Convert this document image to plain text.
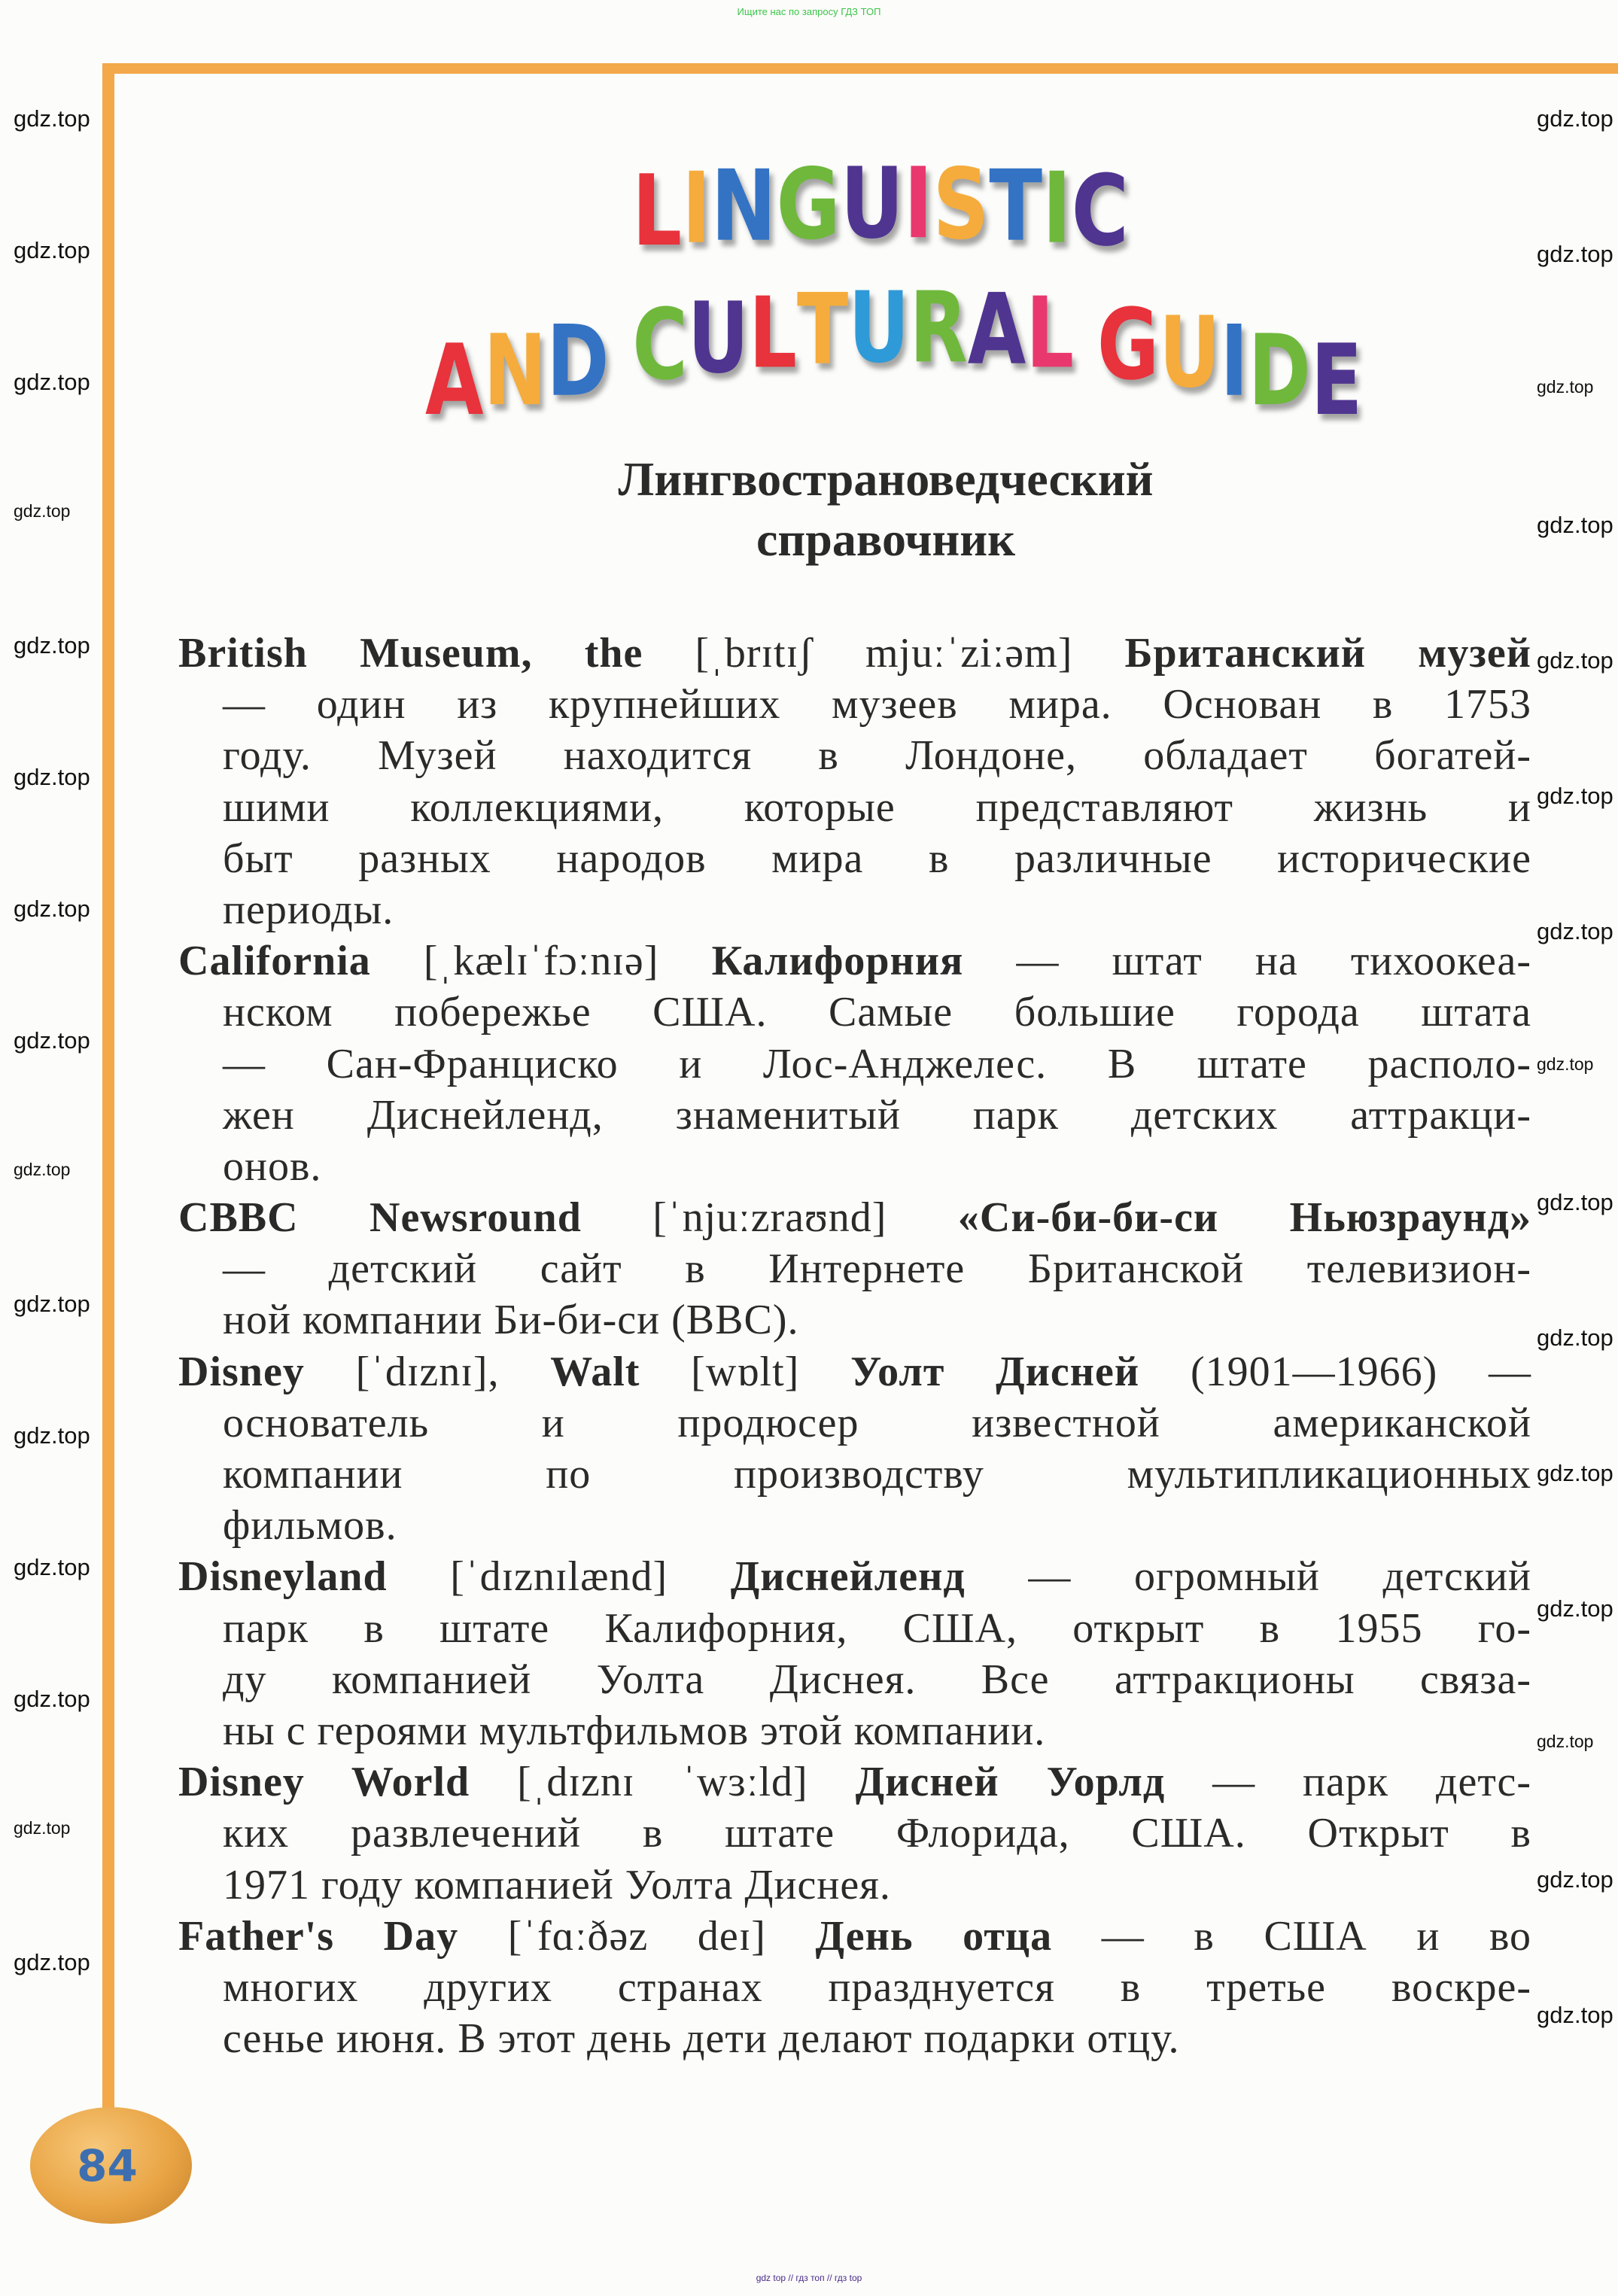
Ищите нас по запросу ГДЗ ТОП
LINGUISTIC
AND CULTURAL GUIDE
Лингвострановедческий
справочник
British Museum, the [ˌbrɪtɪʃ mjuːˈziːəm] Британский музей
— один из крупнейших музеев мира. Основан в 1753
году. Музей находится в Лондоне, обладает богатей-
шими коллекциями, которые представляют жизнь и
быт разных народов мира в различные исторические
периоды.
California [ˌkælɪˈfɔːnɪə] Калифорния — штат на тихоокеа-
нском побережье США. Самые большие города штата
— Сан-Франциско и Лос-Анджелес. В штате располо-
жен Диснейленд, знаменитый парк детских аттракци-
онов.
CBBC Newsround [ˈnjuːzraʊnd] «Си-би-би-си Ньюзраунд»
— детский сайт в Интернете Британской телевизион-
ной компании Би-би-си (BBC).
Disney [ˈdɪznɪ], Walt [wɒlt] Уолт Дисней (1901—1966) —
основатель и продюсер известной американской
компании по производству мультипликационных
фильмов.
Disneyland [ˈdɪznɪlænd] Диснейленд — огромный детский
парк в штате Калифорния, США, открыт в 1955 го-
ду компанией Уолта Диснея. Все аттракционы связа-
ны с героями мультфильмов этой компании.
Disney World [ˌdɪznɪ ˈwɜːld] Дисней Уорлд — парк детс-
ких развлечений в штате Флорида, США. Открыт в
1971 году компанией Уолта Диснея.
Father's Day [ˈfɑːðəz deɪ] День отца — в США и во
многих других странах празднуется в третье воскре-
сенье июня. В этот день дети делают подарки отцу.
84
gdz.top
gdz.top
gdz.top
gdz.top
gdz.top
gdz.top
gdz.top
gdz.top
gdz.top
gdz.top
gdz.top
gdz.top
gdz.top
gdz.top
gdz.top
gdz.top
gdz.top
gdz.top
gdz.top
gdz.top
gdz.top
gdz.top
gdz.top
gdz.top
gdz.top
gdz.top
gdz.top
gdz.top
gdz.top
gdz.top
gdz top // гдз топ // гдз top
